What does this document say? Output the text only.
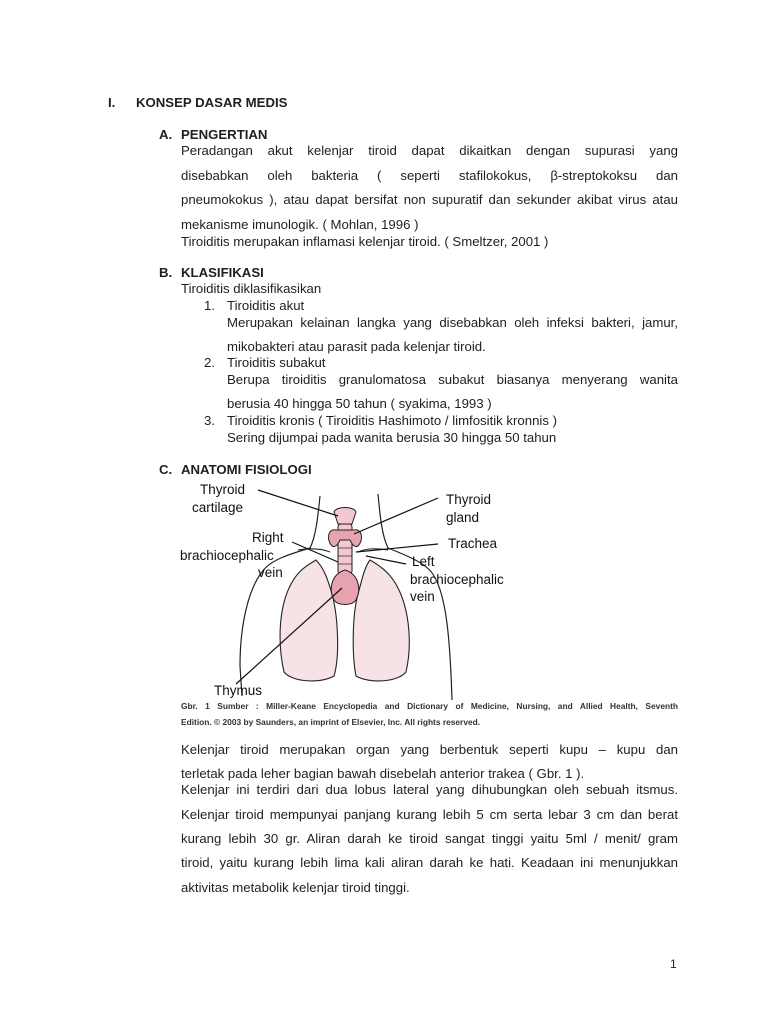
I. KONSEP DASAR MEDIS
A. PENGERTIAN
Peradangan akut kelenjar tiroid dapat dikaitkan dengan supurasi yang
disebabkan oleh bakteria ( seperti stafilokokus, β-streptokoksu dan
pneumokokus ), atau dapat bersifat non supuratif dan sekunder akibat virus atau
mekanisme imunologik. ( Mohlan, 1996 )
Tiroiditis merupakan inflamasi kelenjar tiroid. ( Smeltzer, 2001 )
B. KLASIFIKASI
Tiroiditis diklasifikasikan
1. Tiroiditis akut
Merupakan kelainan langka yang disebabkan oleh infeksi bakteri, jamur,
mikobakteri atau parasit pada kelenjar tiroid.
2. Tiroiditis subakut
Berupa tiroiditis granulomatosa subakut biasanya menyerang wanita
berusia 40 hingga 50 tahun ( syakima, 1993 )
3. Tiroiditis kronis ( Tiroiditis Hashimoto / limfositik kronnis )
Sering dijumpai pada wanita berusia 30 hingga 50 tahun
C. ANATOMI FISIOLOGI
Thyroid
cartilage
Thyroid
gland
Right
brachiocephalic
vein
Trachea
Left
brachiocephalic
vein
Thymus
Gbr. 1 Sumber : Miller-Keane Encyclopedia and Dictionary of Medicine, Nursing, and Allied Health, Seventh
Edition. © 2003 by Saunders, an imprint of Elsevier, Inc. All rights reserved.
Kelenjar tiroid merupakan organ yang berbentuk seperti kupu – kupu dan
terletak pada leher bagian bawah disebelah anterior trakea ( Gbr. 1 ).
Kelenjar ini terdiri dari dua lobus lateral yang dihubungkan oleh sebuah itsmus.
Kelenjar tiroid mempunyai panjang kurang lebih 5 cm serta lebar 3 cm dan berat
kurang lebih 30 gr. Aliran darah ke tiroid sangat tinggi yaitu 5ml / menit/ gram
tiroid, yaitu kurang lebih lima kali aliran darah ke hati. Keadaan ini menunjukkan
aktivitas metabolik kelenjar tiroid tinggi.
1
